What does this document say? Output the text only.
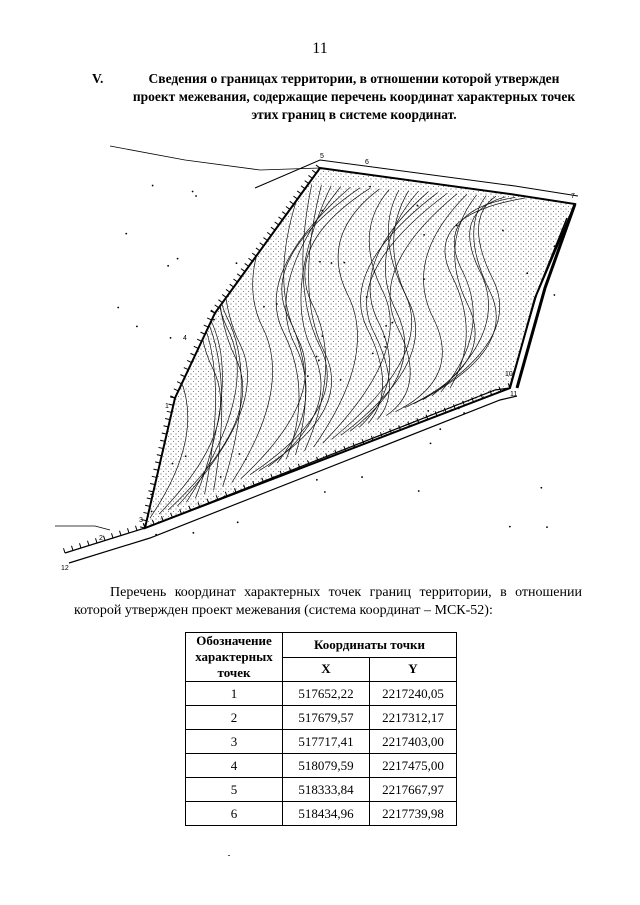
11
V.	Сведения о границах территории, в отношении которой утвержден проект межевания, содержащие перечень координат характерных точек этих границ в системе координат.
12
2
3
4
5
6
7
10
11
1
Перечень координат характерных точек границ территории, в отношении которой утвержден проект межевания (система координат – МСК-52):
Обозначение характерных точек	Координаты точки	
	X	Y
1	517652,22	2217240,05
2	517679,57	2217312,17
3	517717,41	2217403,00
4	518079,59	2217475,00
5	518333,84	2217667,97
6	518434,96	2217739,98
